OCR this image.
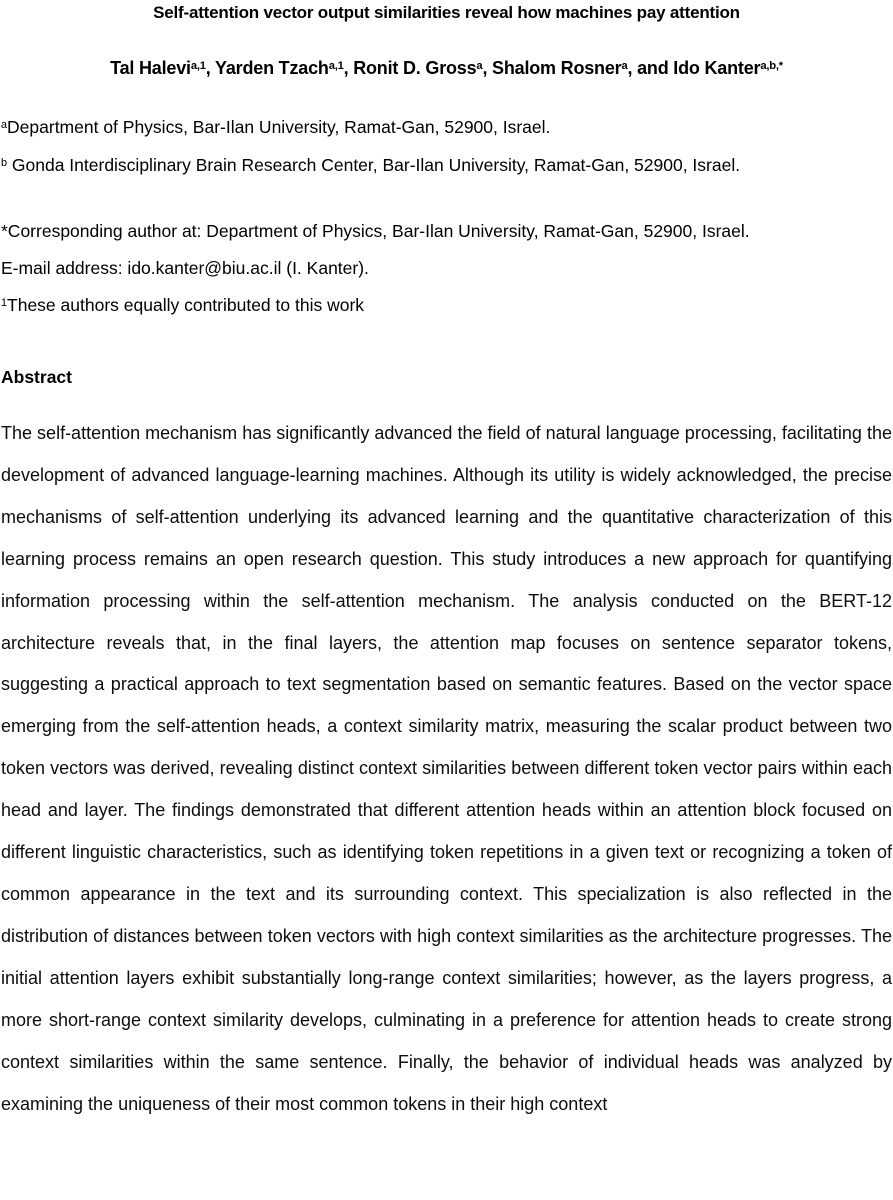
Self-attention vector output similarities reveal how machines pay attention
Tal Halevi$^{a,1}$, Yarden Tzach$^{a,1}$, Ronit D. Gross$^a$, Shalom Rosner$^a$, and Ido Kanter$^{a,b,*}$
$^a$Department of Physics, Bar-Ilan University, Ramat-Gan, 52900, Israel.
$^b$ Gonda Interdisciplinary Brain Research Center, Bar-Ilan University, Ramat-Gan, 52900, Israel.
*Corresponding author at: Department of Physics, Bar-Ilan University, Ramat-Gan, 52900, Israel.
E-mail address: ido.kanter@biu.ac.il (I. Kanter).
$^1$These authors equally contributed to this work
Abstract

The self-attention mechanism has significantly advanced the field of natural language processing, facilitating the development of advanced language-learning machines. Although its utility is widely acknowledged, the precise mechanisms of self-attention underlying its advanced learning and the quantitative characterization of this learning process remains an open research question. This study introduces a new approach for quantifying information processing within the self-attention mechanism. The analysis conducted on the BERT-12 architecture reveals that, in the final layers, the attention map focuses on sentence separator tokens, suggesting a practical approach to text segmentation based on semantic features. Based on the vector space emerging from the self-attention heads, a context similarity matrix, measuring the scalar product between two token vectors was derived, revealing distinct context similarities between different token vector pairs within each head and layer. The findings demonstrated that different attention heads within an attention block focused on different linguistic characteristics, such as identifying token repetitions in a given text or recognizing a token of common appearance in the text and its surrounding context. This specialization is also reflected in the distribution of distances between token vectors with high context similarities as the architecture progresses. The initial attention layers exhibit substantially long-range context similarities; however, as the layers progress, a more short-range context similarity develops, culminating in a preference for attention heads to create strong context similarities within the same sentence. Finally, the behavior of individual heads was analyzed by examining the uniqueness of their most common tokens in their high context
